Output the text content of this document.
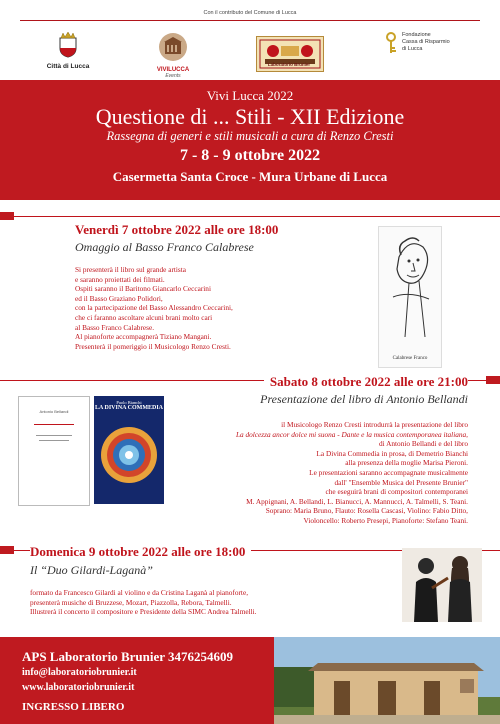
Con il contributo del Comune di Lucca
Città di Lucca	VIVILUCCA
Events
Laboratorio Brunier
Fondazione
Cassa di Risparmio
di Lucca
Vivi Lucca 2022
Questione di ... Stili - XII Edizione
Rassegna di generi e stili musicali a cura di Renzo Cresti
7 - 8 - 9 ottobre 2022
Casermetta Santa Croce - Mura Urbane di Lucca
Venerdì 7 ottobre 2022 alle ore 18:00
Omaggio al Basso Franco Calabrese
Si presenterà il libro sul grande artista
e saranno proiettati dei filmati.
Ospiti saranno il Baritono Giancarlo Ceccarini
ed il Basso Graziano Polidori,
con la partecipazione del Basso Alessandro Ceccarini,
che ci faranno ascoltare alcuni brani molto cari
al Basso Franco Calabrese.
Al pianoforte accompagnerà Tiziano Mangani.
Presenterà il pomeriggio il Musicologo Renzo Cresti.
Calabrese Franco
Sabato 8 ottobre 2022 alle ore 21:00
Presentazione del libro di Antonio Bellandi
Antonio Bellandi
Paolo Bianchi
LA DIVINA COMMEDIA
il Musicologo Renzo Cresti introdurrà la presentazione del libro
La dolcezza ancor dolce mi suona - Dante e la musica contemporanea italiana,
di Antonio Bellandi e del libro
La Divina Commedia in prosa, di Demetrio Bianchi
alla presenza della moglie Marisa Pieroni.
Le presentazioni saranno accompagnate musicalmente
dall' "Ensemble Musica del Presente Brunier"
che eseguirà brani di compositori contemporanei
M. Appignani, A. Bellandi, L. Bianucci, A. Mannucci, A. Talmelli, S. Teani.
Soprano: Maria Bruno, Flauto: Rosella Cascasi, Violino: Fabio Ditto,
Violoncello: Roberto Presepi, Pianoforte: Stefano Teani.
Domenica 9 ottobre 2022 alle ore 18:00
Il “Duo Gilardi-Laganà”
formato da Francesco Gilardi al violino e da Cristina Laganà al pianoforte,
presenterà musiche di Bruzzese, Mozart, Piazzolla, Rebora, Talmelli.
Illustrerà il concerto il compositore e Presidente della SIMC Andrea Talmelli.
APS Laboratorio Brunier 3476254609
info@laboratoriobrunier.it
www.laboratoriobrunier.it
INGRESSO LIBERO
